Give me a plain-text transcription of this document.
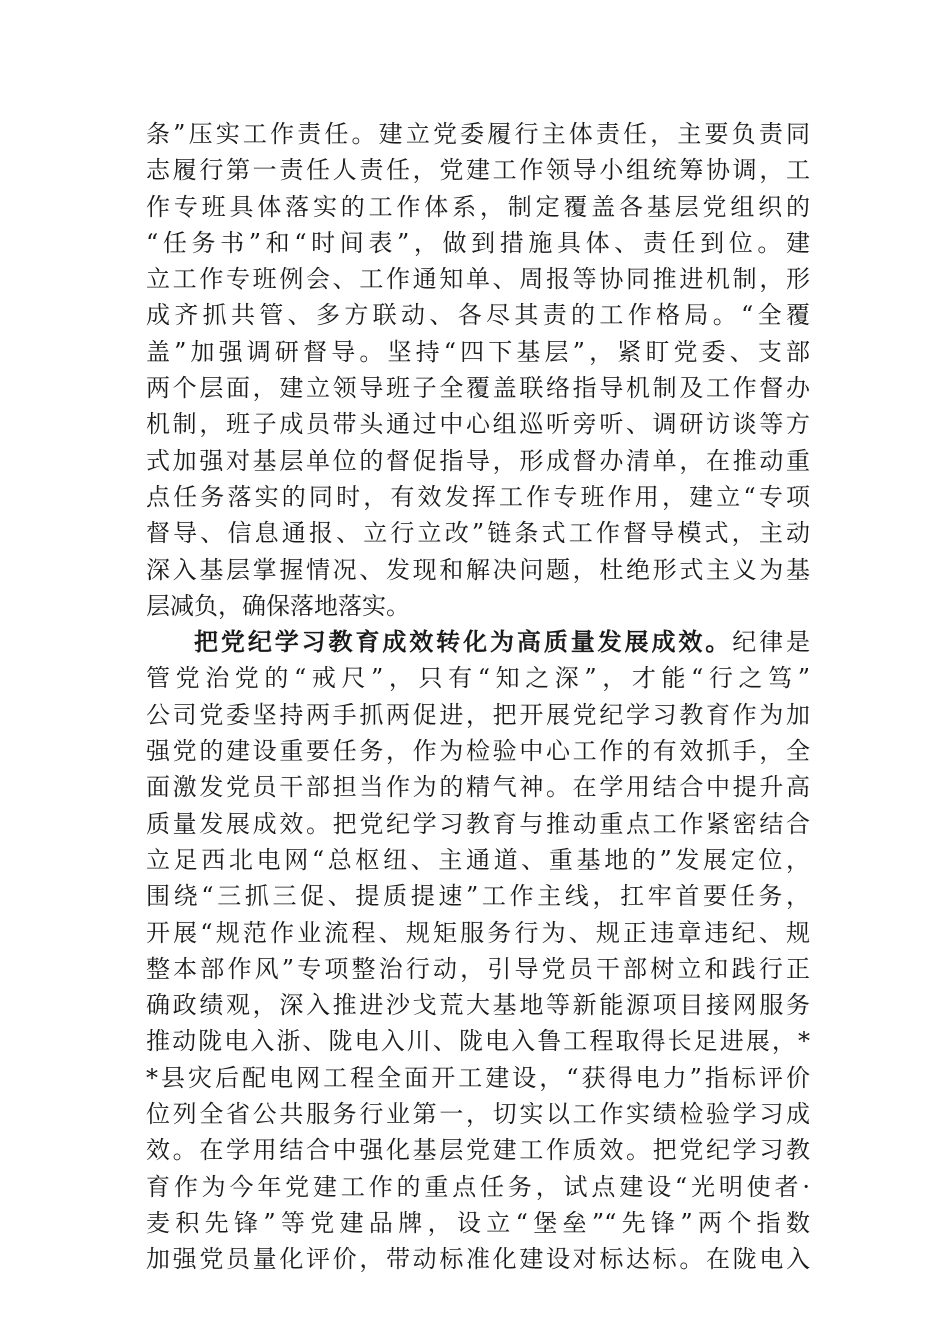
条”压实工作责任。建立党委履行主体责任，主要负责同
志履行第一责任人责任，党建工作领导小组统筹协调，工
作专班具体落实的工作体系，制定覆盖各基层党组织的
“任务书”和“时间表”，做到措施具体、责任到位。建
立工作专班例会、工作通知单、周报等协同推进机制，形
成齐抓共管、多方联动、各尽其责的工作格局。“全覆
盖”加强调研督导。坚持“四下基层”，紧盯党委、支部
两个层面，建立领导班子全覆盖联络指导机制及工作督办
机制，班子成员带头通过中心组巡听旁听、调研访谈等方
式加强对基层单位的督促指导，形成督办清单，在推动重
点任务落实的同时，有效发挥工作专班作用，建立“专项
督导、信息通报、立行立改”链条式工作督导模式，主动
深入基层掌握情况、发现和解决问题，杜绝形式主义为基
层减负，确保落地落实。
把党纪学习教育成效转化为高质量发展成效。纪律是
管党治党的“戒尺”，只有“知之深”，才能“行之笃”
公司党委坚持两手抓两促进，把开展党纪学习教育作为加
强党的建设重要任务，作为检验中心工作的有效抓手，全
面激发党员干部担当作为的精气神。在学用结合中提升高
质量发展成效。把党纪学习教育与推动重点工作紧密结合
立足西北电网“总枢纽、主通道、重基地的”发展定位，
围绕“三抓三促、提质提速”工作主线，扛牢首要任务，
开展“规范作业流程、规矩服务行为、规正违章违纪、规
整本部作风”专项整治行动，引导党员干部树立和践行正
确政绩观，深入推进沙戈荒大基地等新能源项目接网服务
推动陇电入浙、陇电入川、陇电入鲁工程取得长足进展，*
*县灾后配电网工程全面开工建设，“获得电力”指标评价
位列全省公共服务行业第一，切实以工作实绩检验学习成
效。在学用结合中强化基层党建工作质效。把党纪学习教
育作为今年党建工作的重点任务，试点建设“光明使者·
麦积先锋”等党建品牌，设立“堡垒”“先锋”两个指数
加强党员量化评价，带动标准化建设对标达标。在陇电入
